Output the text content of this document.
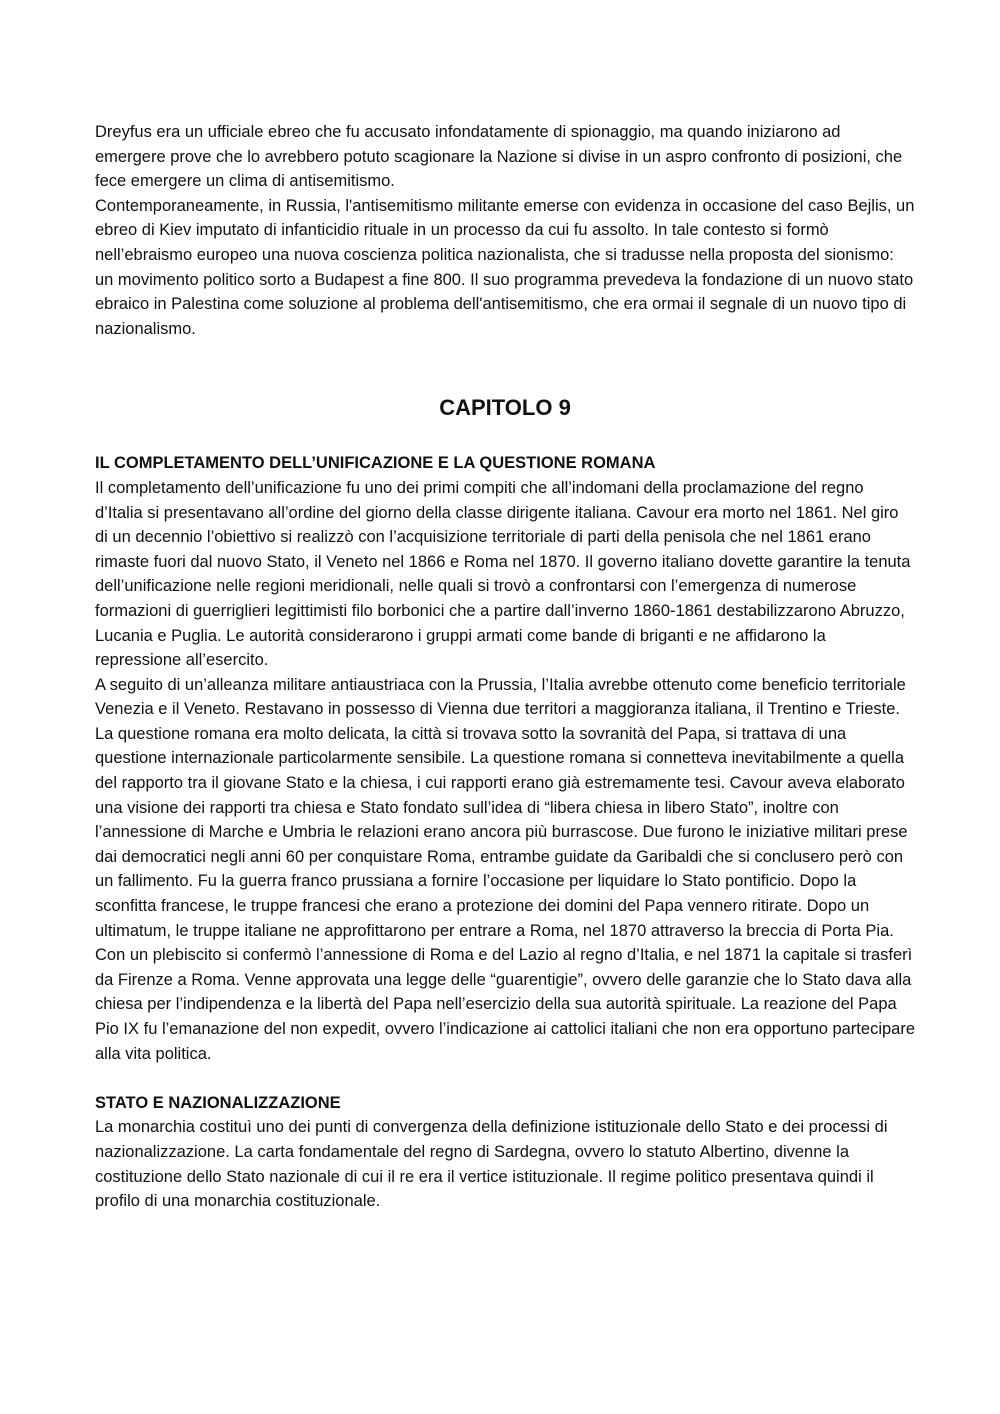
Dreyfus era un ufficiale ebreo che fu accusato infondatamente di spionaggio, ma quando iniziarono ad emergere prove che lo avrebbero potuto scagionare la Nazione si divise in un aspro confronto di posizioni, che fece emergere un clima di antisemitismo.

Contemporaneamente, in Russia, l'antisemitismo militante emerse con evidenza in occasione del caso Bejlis, un ebreo di Kiev imputato di infanticidio rituale in un processo da cui fu assolto. In tale contesto si formò nell’ebraismo europeo una nuova coscienza politica nazionalista, che si tradusse nella proposta del sionismo: un movimento politico sorto a Budapest a fine 800. Il suo programma prevedeva la fondazione di un nuovo stato ebraico in Palestina come soluzione al problema dell'antisemitismo, che era ormai il segnale di un nuovo tipo di nazionalismo.

CAPITOLO 9
IL COMPLETAMENTO DELL’UNIFICAZIONE E LA QUESTIONE ROMANA

Il completamento dell’unificazione fu uno dei primi compiti che all’indomani della proclamazione del regno d’Italia si presentavano all’ordine del giorno della classe dirigente italiana. Cavour era morto nel 1861. Nel giro di un decennio l’obiettivo si realizzò con l’acquisizione territoriale di parti della penisola che nel 1861 erano rimaste fuori dal nuovo Stato, il Veneto nel 1866 e Roma nel 1870. Il governo italiano dovette garantire la tenuta dell’unificazione nelle regioni meridionali, nelle quali si trovò a confrontarsi con l’emergenza di numerose formazioni di guerriglieri legittimisti filo borbonici che a partire dall’inverno 1860-1861 destabilizzarono Abruzzo, Lucania e Puglia. Le autorità considerarono i gruppi armati come bande di briganti e ne affidarono la repressione all’esercito.

A seguito di un’alleanza militare antiaustriaca con la Prussia, l’Italia avrebbe ottenuto come beneficio territoriale Venezia e il Veneto. Restavano in possesso di Vienna due territori a maggioranza italiana, il Trentino e Trieste.

La questione romana era molto delicata, la città si trovava sotto la sovranità del Papa, si trattava di una questione internazionale particolarmente sensibile. La questione romana si connetteva inevitabilmente a quella del rapporto tra il giovane Stato e la chiesa, i cui rapporti erano già estremamente tesi. Cavour aveva elaborato una visione dei rapporti tra chiesa e Stato fondato sull’idea di “libera chiesa in libero Stato”, inoltre con l’annessione di Marche e Umbria le relazioni erano ancora più burrascose. Due furono le iniziative militari prese dai democratici negli anni 60 per conquistare Roma, entrambe guidate da Garibaldi che si conclusero però con un fallimento. Fu la guerra franco prussiana a fornire l’occasione per liquidare lo Stato pontificio. Dopo la sconfitta francese, le truppe francesi che erano a protezione dei domini del Papa vennero ritirate. Dopo un ultimatum, le truppe italiane ne approfittarono per entrare a Roma, nel 1870 attraverso la breccia di Porta Pia. Con un plebiscito si confermò l’annessione di Roma e del Lazio al regno d’Italia, e nel 1871 la capitale si trasferì da Firenze a Roma. Venne approvata una legge delle “guarentigie”, ovvero delle garanzie che lo Stato dava alla chiesa per l’indipendenza e la libertà del Papa nell’esercizio della sua autorità spirituale. La reazione del Papa Pio IX fu l’emanazione del non expedit, ovvero l’indicazione ai cattolici italiani che non era opportuno partecipare alla vita politica.

STATO E NAZIONALIZZAZIONE

La monarchia costituì uno dei punti di convergenza della definizione istituzionale dello Stato e dei processi di nazionalizzazione. La carta fondamentale del regno di Sardegna, ovvero lo statuto Albertino, divenne la costituzione dello Stato nazionale di cui il re era il vertice istituzionale. Il regime politico presentava quindi il profilo di una monarchia costituzionale.
